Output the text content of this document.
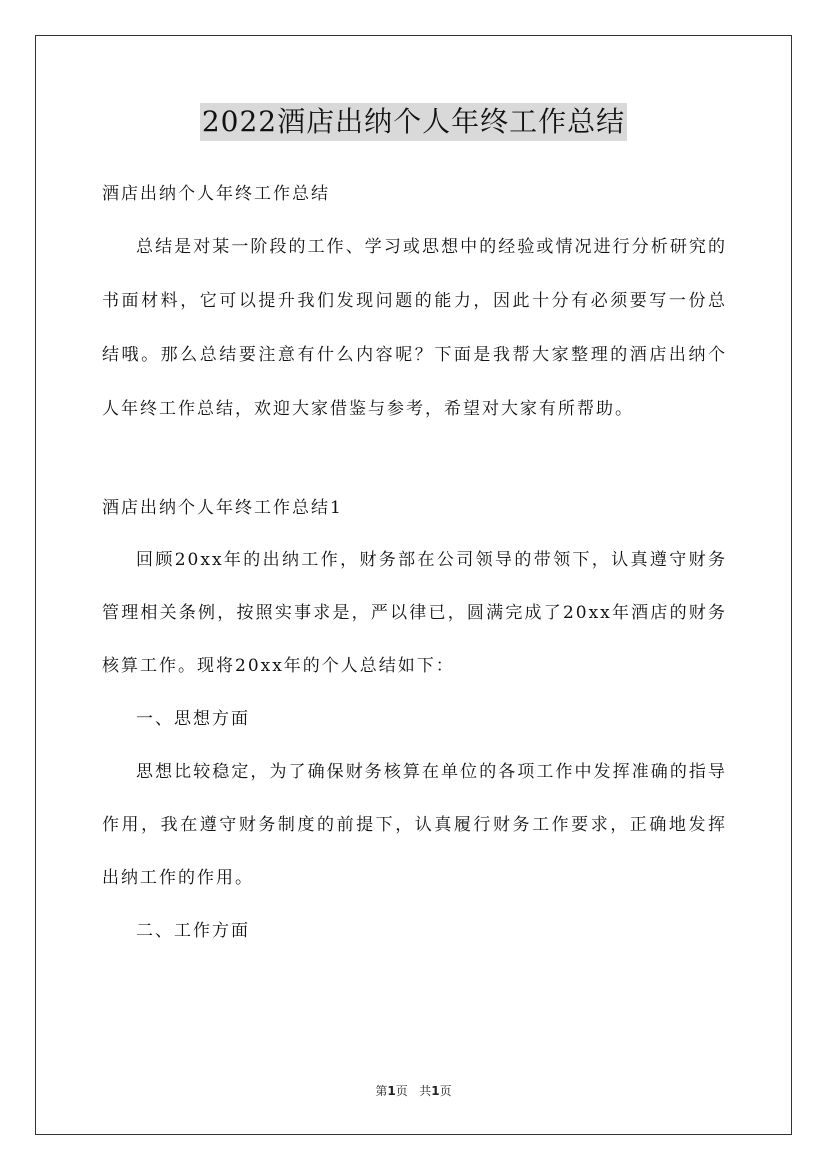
2022酒店出纳个人年终工作总结

酒店出纳个人年终工作总结

总结是对某一阶段的工作、学习或思想中的经验或情况进行分析研究的书面材料，它可以提升我们发现问题的能力，因此十分有必须要写一份总结哦。那么总结要注意有什么内容呢？下面是我帮大家整理的酒店出纳个人年终工作总结，欢迎大家借鉴与参考，希望对大家有所帮助。

酒店出纳个人年终工作总结1

回顾20xx年的出纳工作，财务部在公司领导的带领下，认真遵守财务管理相关条例，按照实事求是，严以律已，圆满完成了20xx年酒店的财务核算工作。现将20xx年的个人总结如下：

一、思想方面

思想比较稳定，为了确保财务核算在单位的各项工作中发挥准确的指导作用，我在遵守财务制度的前提下，认真履行财务工作要求，正确地发挥出纳工作的作用。

二、工作方面

第1页   共1页
